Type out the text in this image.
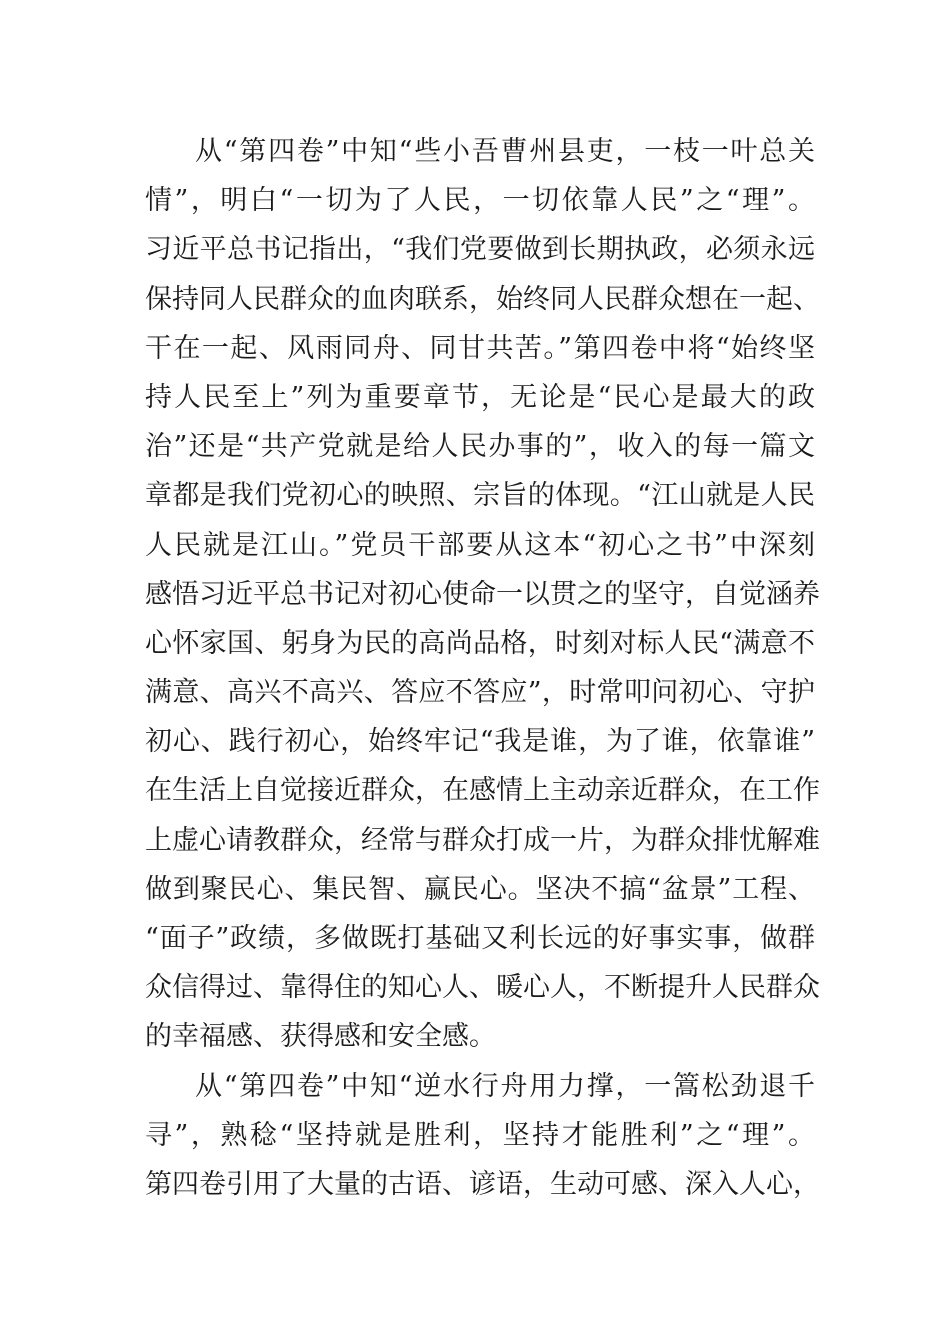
从“第四卷”中知“些小吾曹州县吏，一枝一叶总关
情”，明白“一切为了人民，一切依靠人民”之“理”。
习近平总书记指出，“我们党要做到长期执政，必须永远
保持同人民群众的血肉联系，始终同人民群众想在一起、
干在一起、风雨同舟、同甘共苦。”第四卷中将“始终坚
持人民至上”列为重要章节，无论是“民心是最大的政
治”还是“共产党就是给人民办事的”，收入的每一篇文
章都是我们党初心的映照、宗旨的体现。“江山就是人民
人民就是江山。”党员干部要从这本“初心之书”中深刻
感悟习近平总书记对初心使命一以贯之的坚守，自觉涵养
心怀家国、躬身为民的高尚品格，时刻对标人民“满意不
满意、高兴不高兴、答应不答应”，时常叩问初心、守护
初心、践行初心，始终牢记“我是谁，为了谁，依靠谁”
在生活上自觉接近群众，在感情上主动亲近群众，在工作
上虚心请教群众，经常与群众打成一片，为群众排忧解难
做到聚民心、集民智、赢民心。坚决不搞“盆景”工程、
“面子”政绩，多做既打基础又利长远的好事实事，做群
众信得过、靠得住的知心人、暖心人，不断提升人民群众
的幸福感、获得感和安全感。
从“第四卷”中知“逆水行舟用力撑，一篙松劲退千
寻”，熟稔“坚持就是胜利，坚持才能胜利”之“理”。
第四卷引用了大量的古语、谚语，生动可感、深入人心，
